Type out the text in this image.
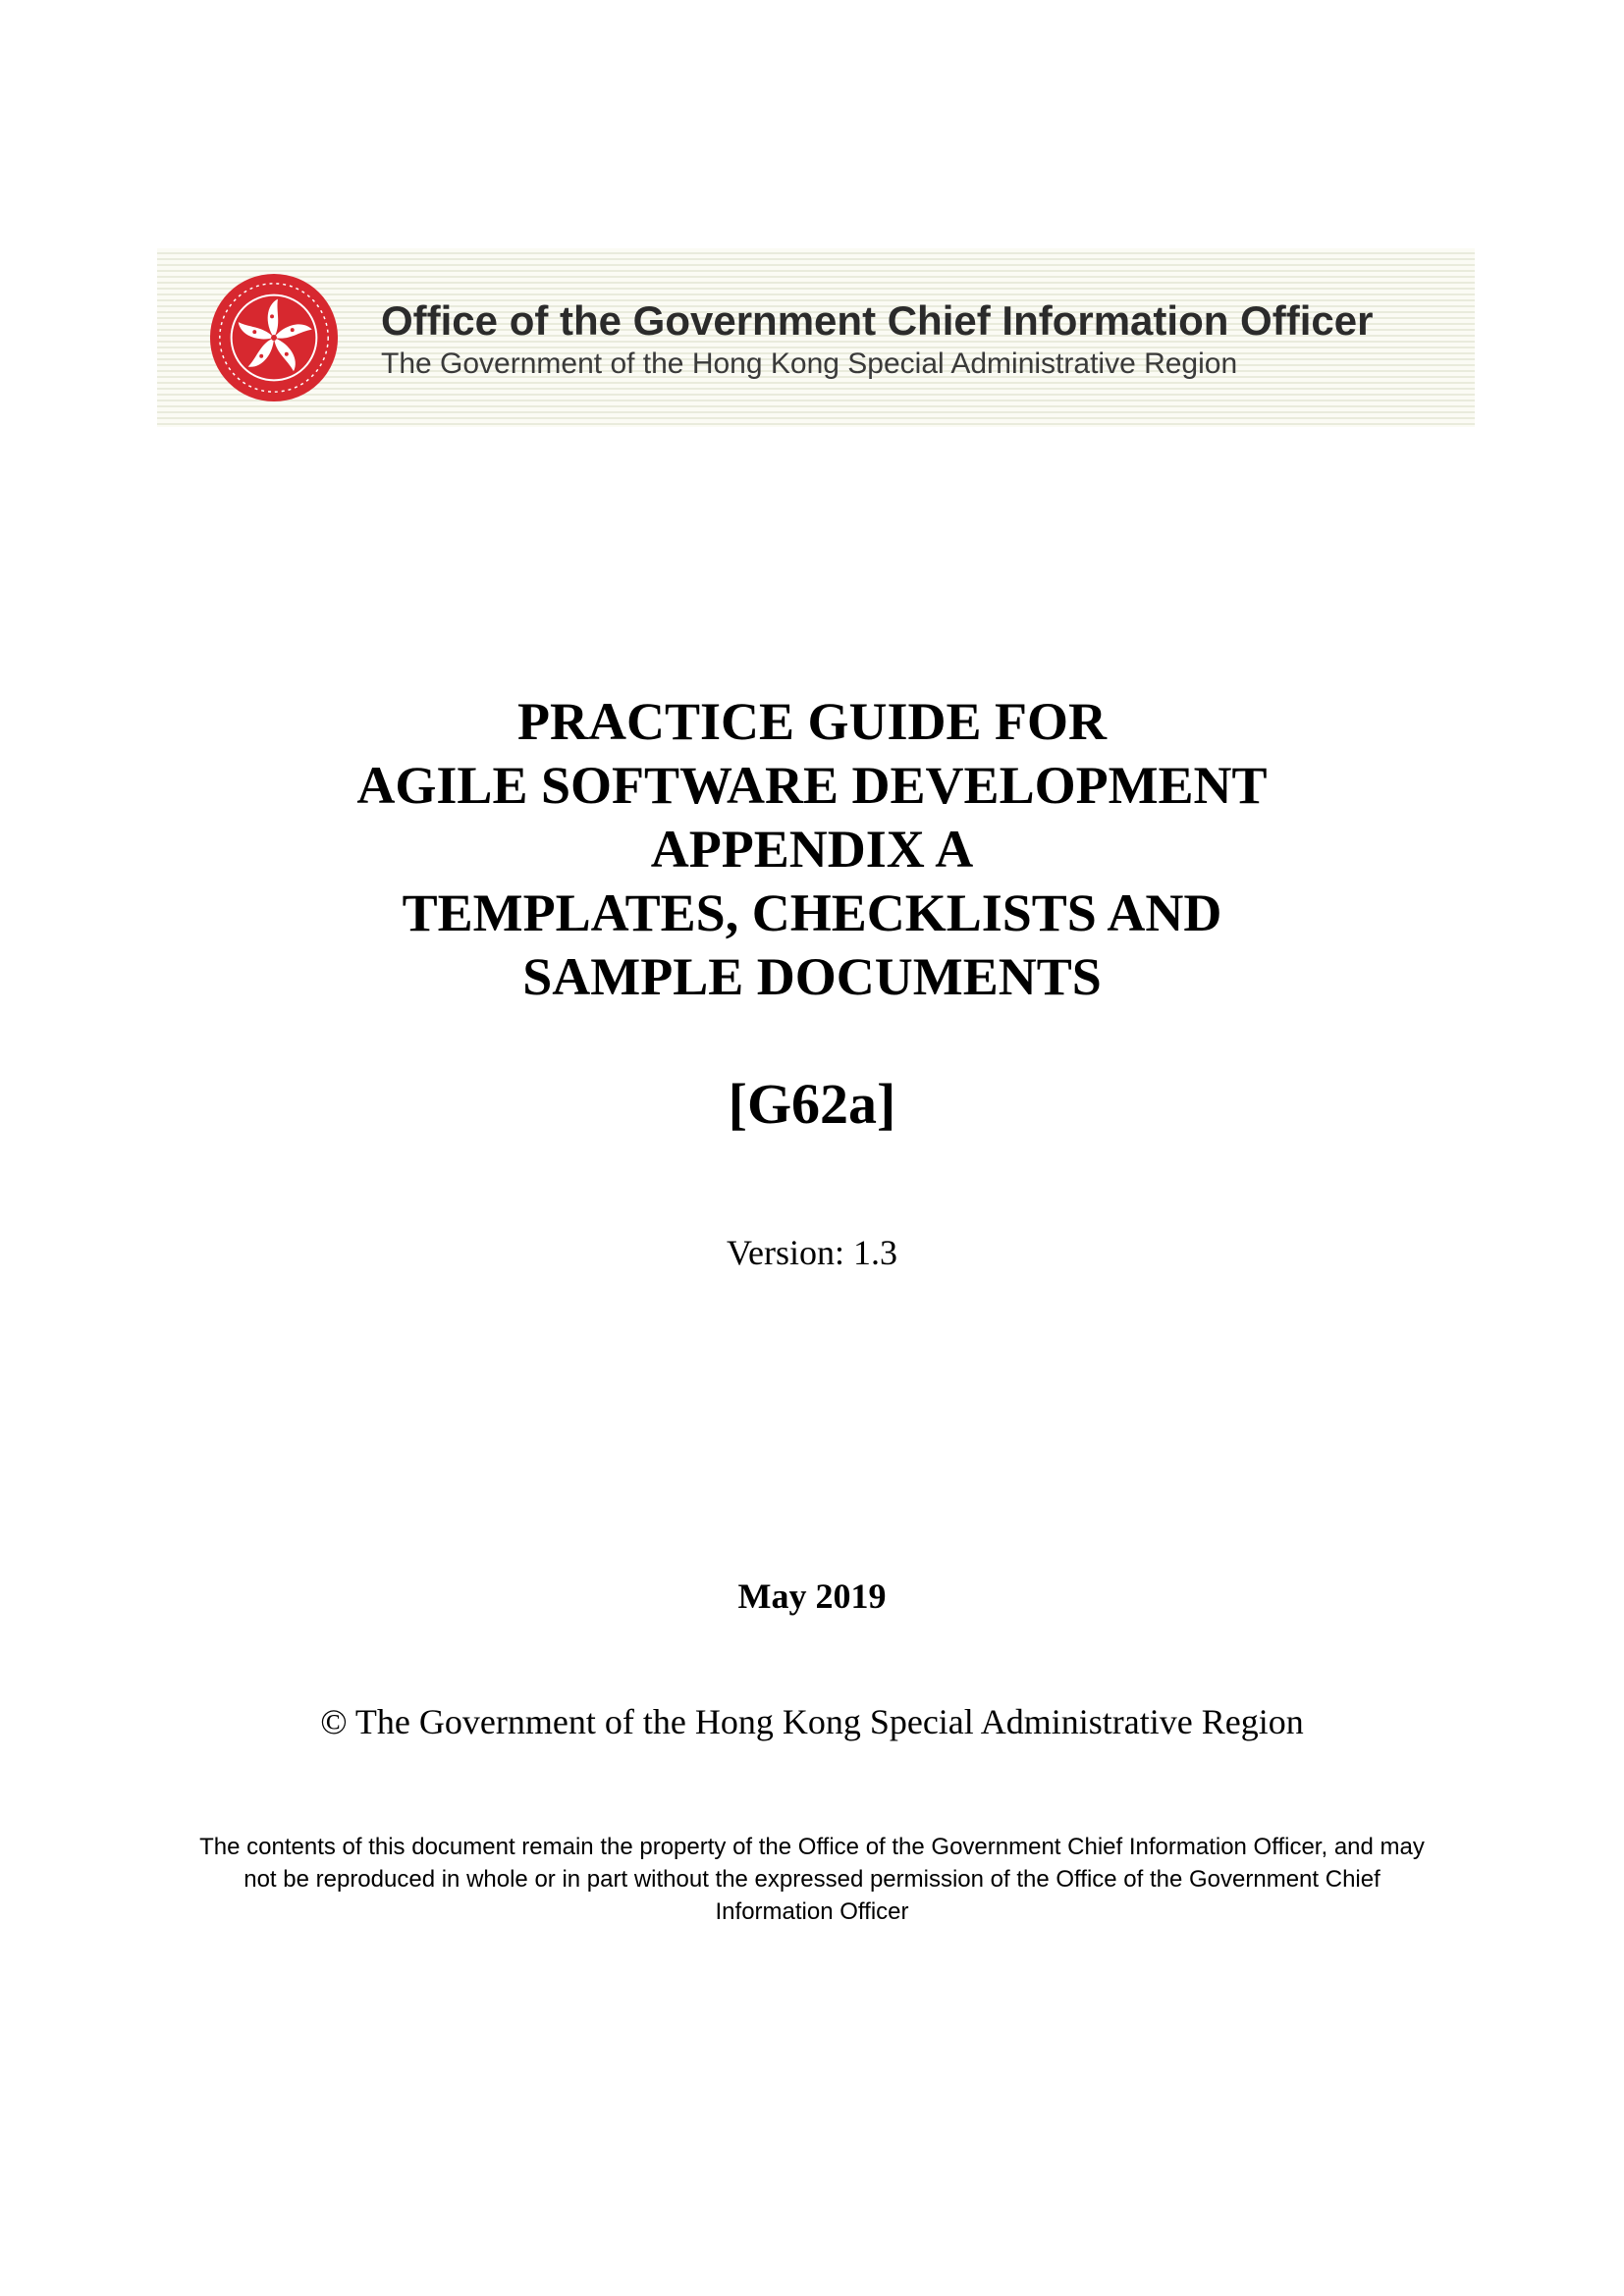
Office of the Government Chief Information Officer
The Government of the Hong Kong Special Administrative Region
PRACTICE GUIDE FOR
AGILE SOFTWARE DEVELOPMENT
APPENDIX A
TEMPLATES, CHECKLISTS AND
SAMPLE DOCUMENTS
[G62a]
Version: 1.3
May 2019
© The Government of the Hong Kong Special Administrative Region
The contents of this document remain the property of the Office of the Government Chief Information Officer, and may not be reproduced in whole or in part without the expressed permission of the Office of the Government Chief Information Officer
